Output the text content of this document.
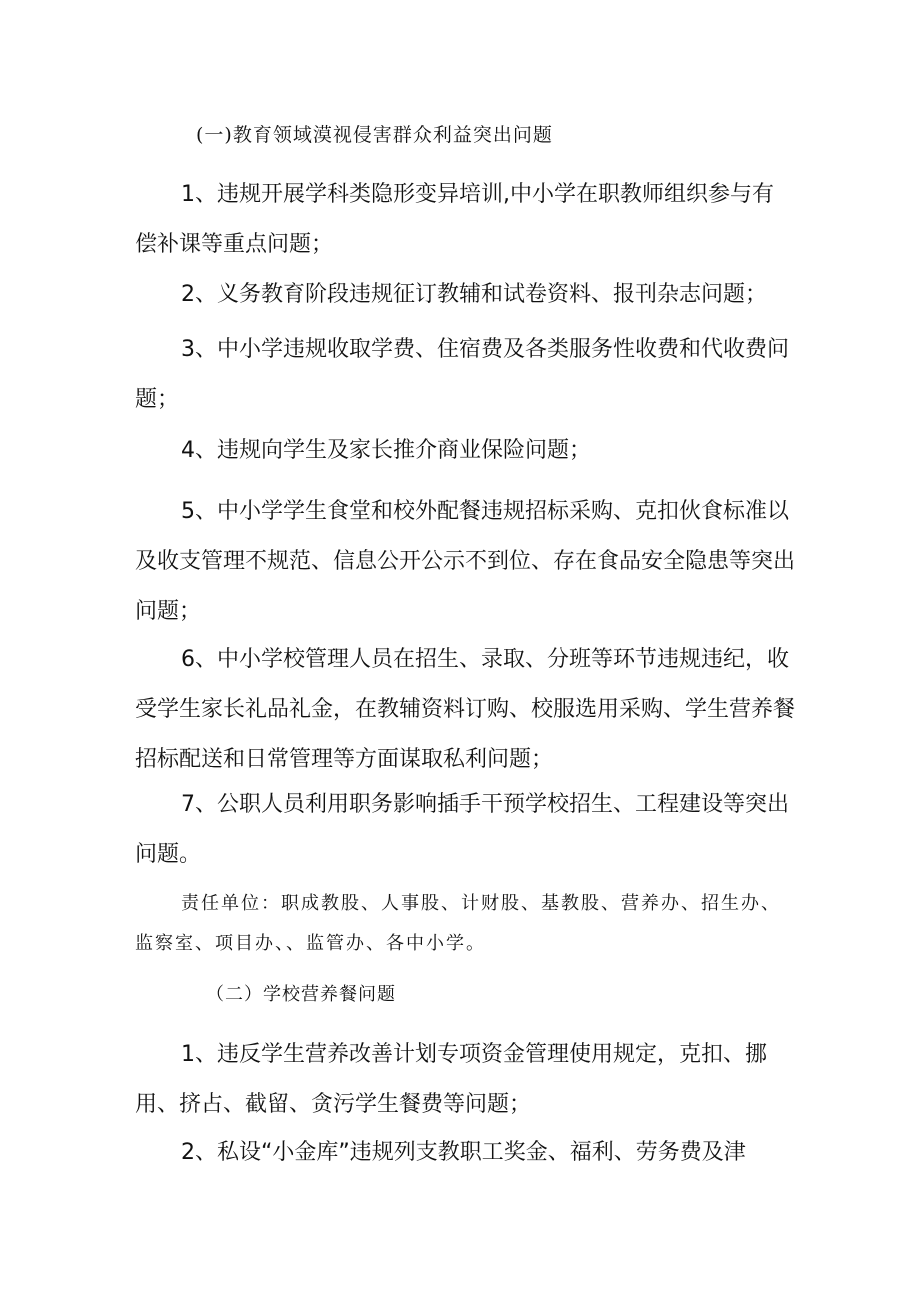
(一)教育领域漠视侵害群众利益突出问题

1、违规开展学科类隐形变异培训,中小学在职教师组织参与有偿补课等重点问题；

2、义务教育阶段违规征订教辅和试卷资料、报刊杂志问题；

3、中小学违规收取学费、住宿费及各类服务性收费和代收费问题；

4、违规向学生及家长推介商业保险问题；

5、中小学学生食堂和校外配餐违规招标采购、克扣伙食标准以及收支管理不规范、信息公开公示不到位、存在食品安全隐患等突出问题；

6、中小学校管理人员在招生、录取、分班等环节违规违纪，收受学生家长礼品礼金，在教辅资料订购、校服选用采购、学生营养餐招标配送和日常管理等方面谋取私利问题；

7、公职人员利用职务影响插手干预学校招生、工程建设等突出问题。

责任单位：职成教股、人事股、计财股、基教股、营养办、招生办、监察室、项目办、、监管办、各中小学。

（二）学校营养餐问题

1、违反学生营养改善计划专项资金管理使用规定，克扣、挪用、挤占、截留、贪污学生餐费等问题；

2、私设“小金库”违规列支教职工奖金、福利、劳务费及津
